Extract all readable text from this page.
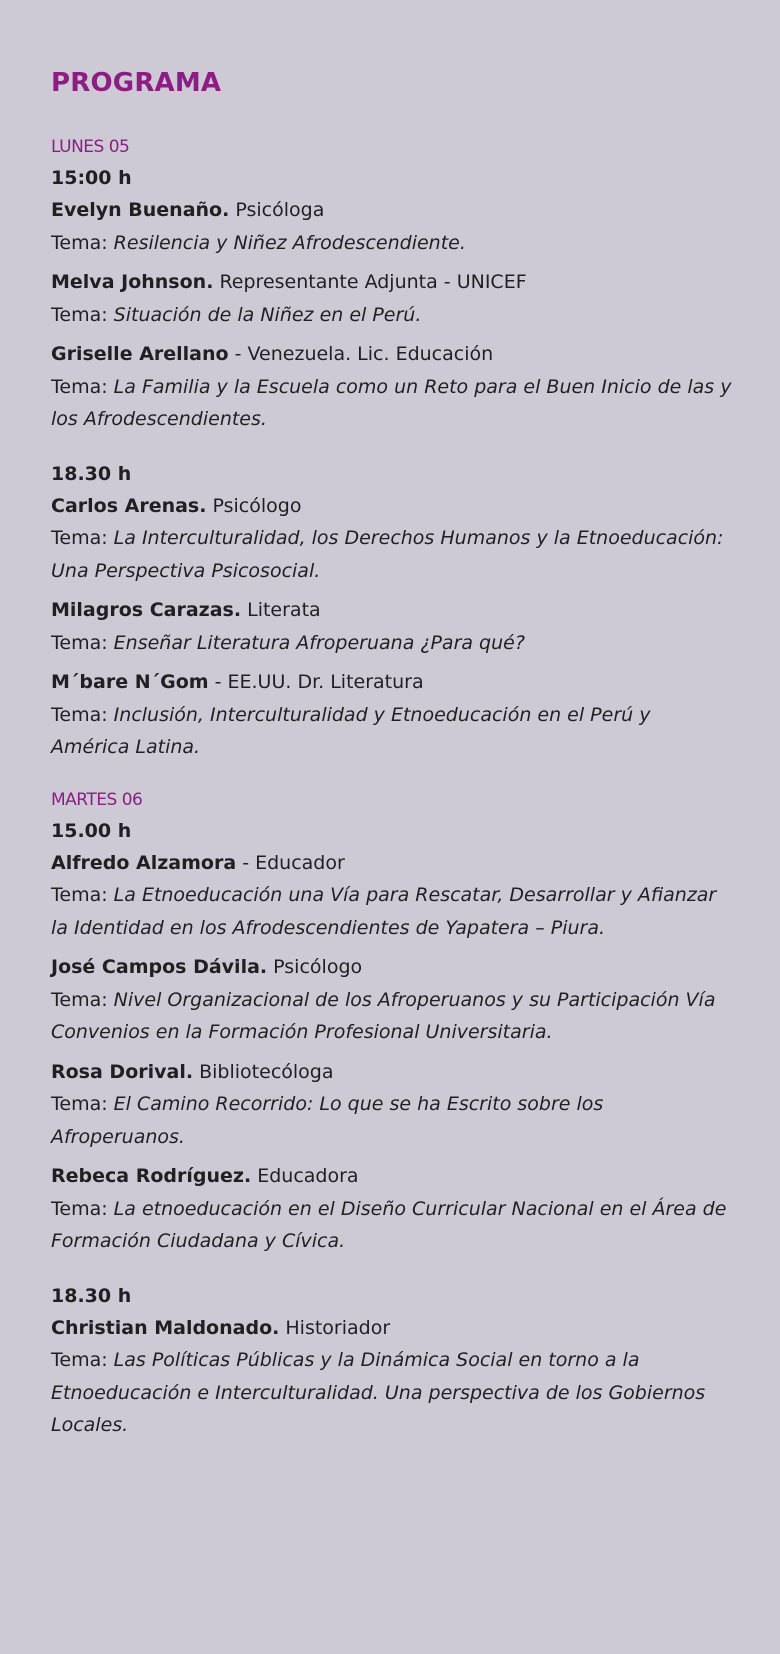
PROGRAMA

LUNES 05

15:00 h

Evelyn Buenaño. Psicóloga
Tema: Resilencia y Niñez Afrodescendiente.
Melva Johnson. Representante Adjunta - UNICEF
Tema: Situación de la Niñez en el Perú.
Griselle Arellano - Venezuela. Lic. Educación
Tema: La Familia y la Escuela como un Reto para el Buen Inicio de las y los Afrodescendientes.

18.30 h

Carlos Arenas. Psicólogo
Tema: La Interculturalidad, los Derechos Humanos y la Etnoeducación: Una Perspectiva Psicosocial.
Milagros Carazas. Literata
Tema: Enseñar Literatura Afroperuana ¿Para qué?
M´bare N´Gom - EE.UU. Dr. Literatura
Tema: Inclusión, Interculturalidad y Etnoeducación en el Perú y América Latina.

MARTES 06

15.00 h

Alfredo Alzamora - Educador
Tema: La Etnoeducación una Vía para Rescatar, Desarrollar y Afianzar la Identidad en los Afrodescendientes de Yapatera – Piura.
José Campos Dávila. Psicólogo
Tema: Nivel Organizacional de los Afroperuanos y su Participación Vía Convenios en la Formación Profesional Universitaria.
Rosa Dorival. Bibliotecóloga
Tema: El Camino Recorrido: Lo que se ha Escrito sobre los Afroperuanos.
Rebeca Rodríguez. Educadora
Tema: La etnoeducación en el Diseño Curricular Nacional en el Área de Formación Ciudadana y Cívica.

18.30 h

Christian Maldonado. Historiador
Tema: Las Políticas Públicas y la Dinámica Social en torno a la Etnoeducación e Interculturalidad. Una perspectiva de los Gobiernos Locales.
